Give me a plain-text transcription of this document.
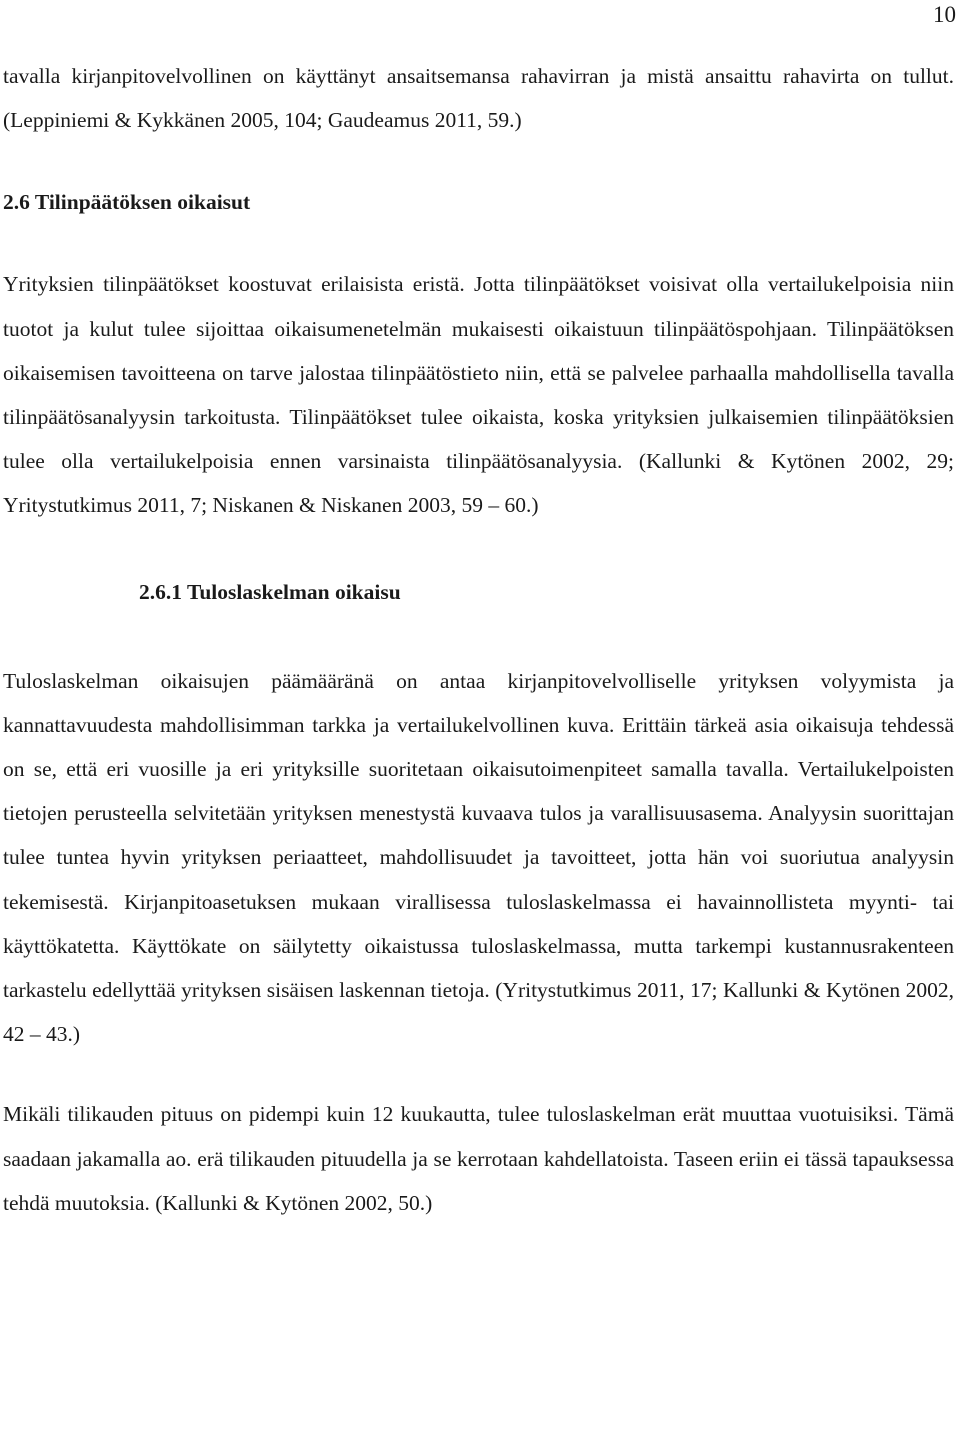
10

tavalla kirjanpitovelvollinen on käyttänyt ansaitsemansa rahavirran ja mistä ansaittu rahavirta on tullut. (Leppiniemi & Kykkänen 2005, 104; Gaudeamus 2011, 59.)

2.6 Tilinpäätöksen oikaisut

Yrityksien tilinpäätökset koostuvat erilaisista eristä. Jotta tilinpäätökset voisivat olla vertailukelpoisia niin tuotot ja kulut tulee sijoittaa oikaisumenetelmän mukaisesti oikaistuun tilinpäätöspohjaan. Tilinpäätöksen oikaisemisen tavoitteena on tarve jalostaa tilinpäätöstieto niin, että se palvelee parhaalla mahdollisella tavalla tilinpäätösanalyysin tarkoitusta. Tilinpäätökset tulee oikaista, koska yrityksien julkaisemien tilinpäätöksien tulee olla vertailukelpoisia ennen varsinaista tilinpäätösanalyysia. (Kallunki & Kytönen 2002, 29; Yritystutkimus 2011, 7; Niskanen & Niskanen 2003, 59 – 60.)

2.6.1 Tuloslaskelman oikaisu

Tuloslaskelman oikaisujen päämääränä on antaa kirjanpitovelvolliselle yrityksen volyymista ja kannattavuudesta mahdollisimman tarkka ja vertailukelvollinen kuva. Erittäin tärkeä asia oikaisuja tehdessä on se, että eri vuosille ja eri yrityksille suoritetaan oikaisutoimenpiteet samalla tavalla. Vertailukelpoisten tietojen perusteella selvitetään yrityksen menestystä kuvaava tulos ja varallisuusasema. Analyysin suorittajan tulee tuntea hyvin yrityksen periaatteet, mahdollisuudet ja tavoitteet, jotta hän voi suoriutua analyysin tekemisestä. Kirjanpitoasetuksen mukaan virallisessa tuloslaskelmassa ei havainnollisteta myynti- tai käyttökatetta. Käyttökate on säilytetty oikaistussa tuloslaskelmassa, mutta tarkempi kustannusrakenteen tarkastelu edellyttää yrityksen sisäisen laskennan tietoja. (Yritystutkimus 2011, 17; Kallunki & Kytönen 2002, 42 – 43.)

Mikäli tilikauden pituus on pidempi kuin 12 kuukautta, tulee tuloslaskelman erät muuttaa vuotuisiksi. Tämä saadaan jakamalla ao. erä tilikauden pituudella ja se kerrotaan kahdellatoista. Taseen eriin ei tässä tapauksessa tehdä muutoksia. (Kallunki & Kytönen 2002, 50.)
